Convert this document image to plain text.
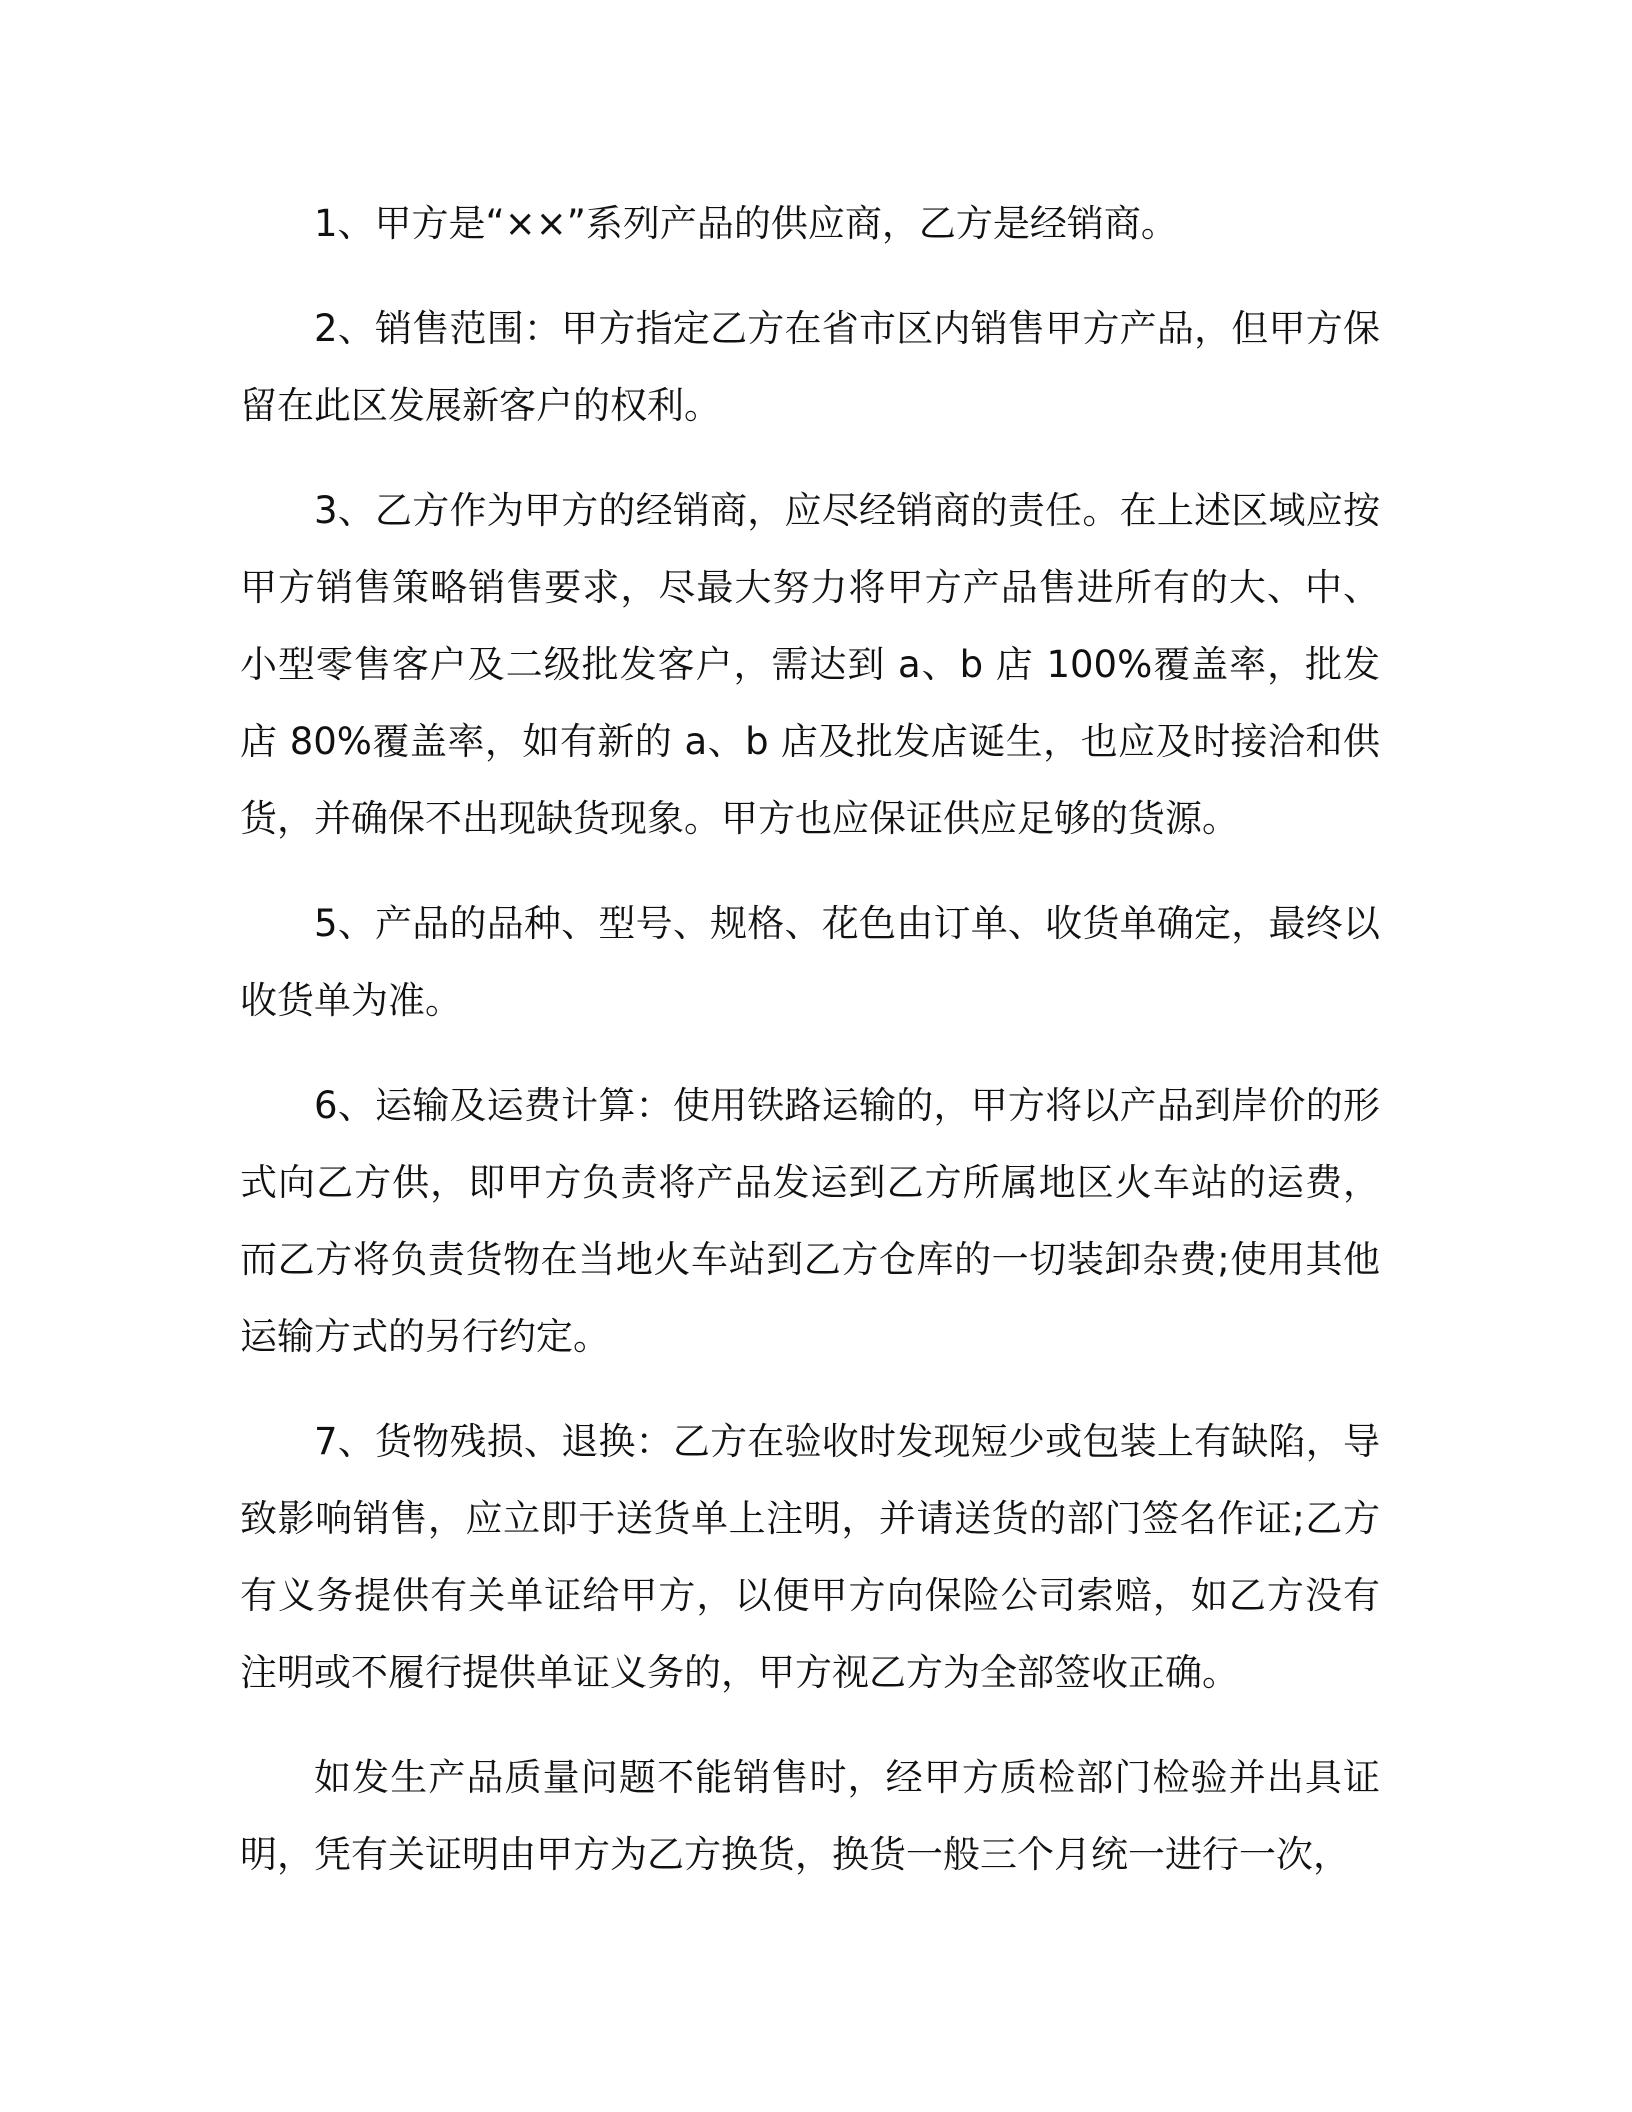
1、甲方是“××”系列产品的供应商，乙方是经销商。

2、销售范围：甲方指定乙方在省市区内销售甲方产品，但甲方保留在此区发展新客户的权利。

3、乙方作为甲方的经销商，应尽经销商的责任。在上述区域应按甲方销售策略销售要求，尽最大努力将甲方产品售进所有的大、中、小型零售客户及二级批发客户，需达到 a、b 店 100%覆盖率，批发店 80%覆盖率，如有新的 a、b 店及批发店诞生，也应及时接洽和供货，并确保不出现缺货现象。甲方也应保证供应足够的货源。

5、产品的品种、型号、规格、花色由订单、收货单确定，最终以收货单为准。

6、运输及运费计算：使用铁路运输的，甲方将以产品到岸价的形式向乙方供，即甲方负责将产品发运到乙方所属地区火车站的运费，而乙方将负责货物在当地火车站到乙方仓库的一切装卸杂费;使用其他运输方式的另行约定。

7、货物残损、退换：乙方在验收时发现短少或包装上有缺陷，导致影响销售，应立即于送货单上注明，并请送货的部门签名作证;乙方有义务提供有关单证给甲方，以便甲方向保险公司索赔，如乙方没有注明或不履行提供单证义务的，甲方视乙方为全部签收正确。

如发生产品质量问题不能销售时，经甲方质检部门检验并出具证明，凭有关证明由甲方为乙方换货，换货一般三个月统一进行一次，
